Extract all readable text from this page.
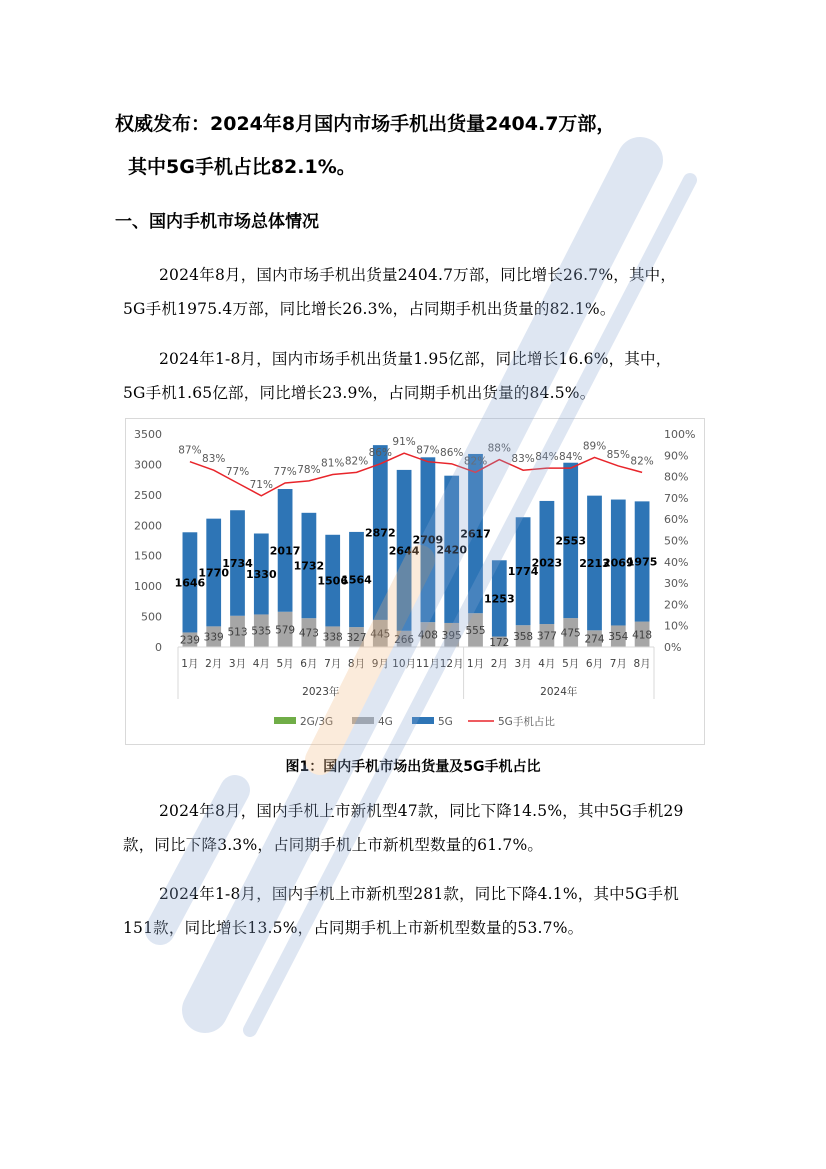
权威发布：2024年8月国内市场手机出货量2404.7万部，
其中5G手机占比82.1%。
一、国内手机市场总体情况

2024年8月，国内市场手机出货量2404.7万部，同比增长26.7%，其中，5G手机1975.4万部，同比增长26.3%，占同期手机出货量的82.1%。

2024年1-8月，国内市场手机出货量1.95亿部，同比增长16.6%，其中，5G手机1.65亿部，同比增长23.9%，占同期手机出货量的84.5%。

0
500
1000
1500
2000
2500
3000
3500
0%
10%
20%
30%
40%
50%
60%
70%
80%
90%
100%
239
1646
1月
339
1770
2月
513
1734
3月
535
1330
4月
579
2017
5月
473
1732
6月
338
1506
7月
327
1564
8月
445
2872
9月
266
2644
10月
408
2709
11月
395
2420
12月
555
2617
1月
172
1253
2月
358
1774
3月
377
2023
4月
475
2553
5月
274
2213
6月
354
2069
7月
418
1975
8月
2023年	2024年
87%
83%
77%
71%
77% 78%
81% 82%
86%
91%
87% 86%
82%
88%
83% 84% 84%
89%
85%
82%
2G/3G	4G	5G	5G手机占比

图1：国内手机市场出货量及5G手机占比

2024年8月，国内手机上市新机型47款，同比下降14.5%，其中5G手机29款，同比下降3.3%，占同期手机上市新机型数量的61.7%。

2024年1-8月，国内手机上市新机型281款，同比下降4.1%，其中5G手机151款，同比增长13.5%，占同期手机上市新机型数量的53.7%。
